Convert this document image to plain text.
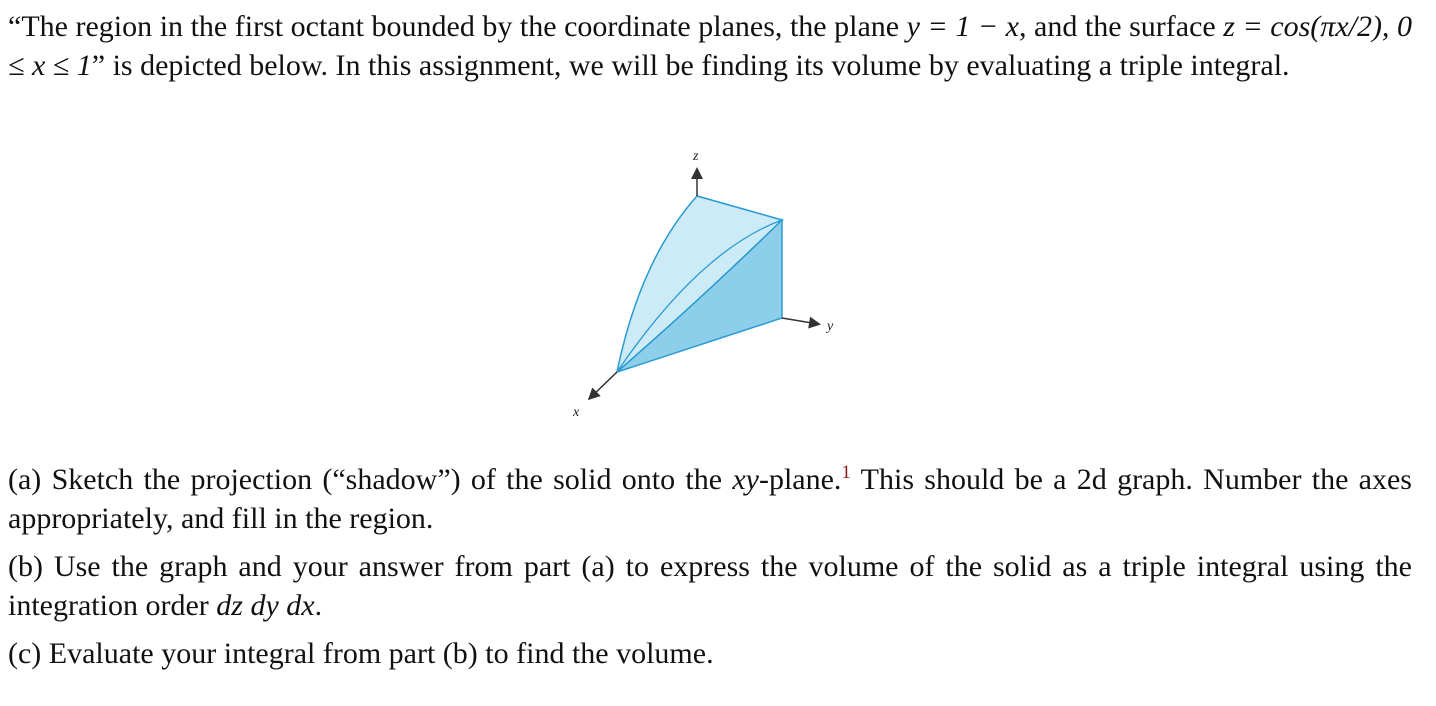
“The region in the first octant bounded by the coordinate planes, the plane y = 1 − x, and the surface z = cos(πx/2), 0 ≤ x ≤ 1” is depicted below. In this assignment, we will be finding its volume by evaluating a triple integral.

z
y
x

(a) Sketch the projection (“shadow”) of the solid onto the xy-plane.$^1$ This should be a 2d graph. Number the axes appropriately, and fill in the region.

(b) Use the graph and your answer from part (a) to express the volume of the solid as a triple integral using the integration order dz dy dx.

(c) Evaluate your integral from part (b) to find the volume.
